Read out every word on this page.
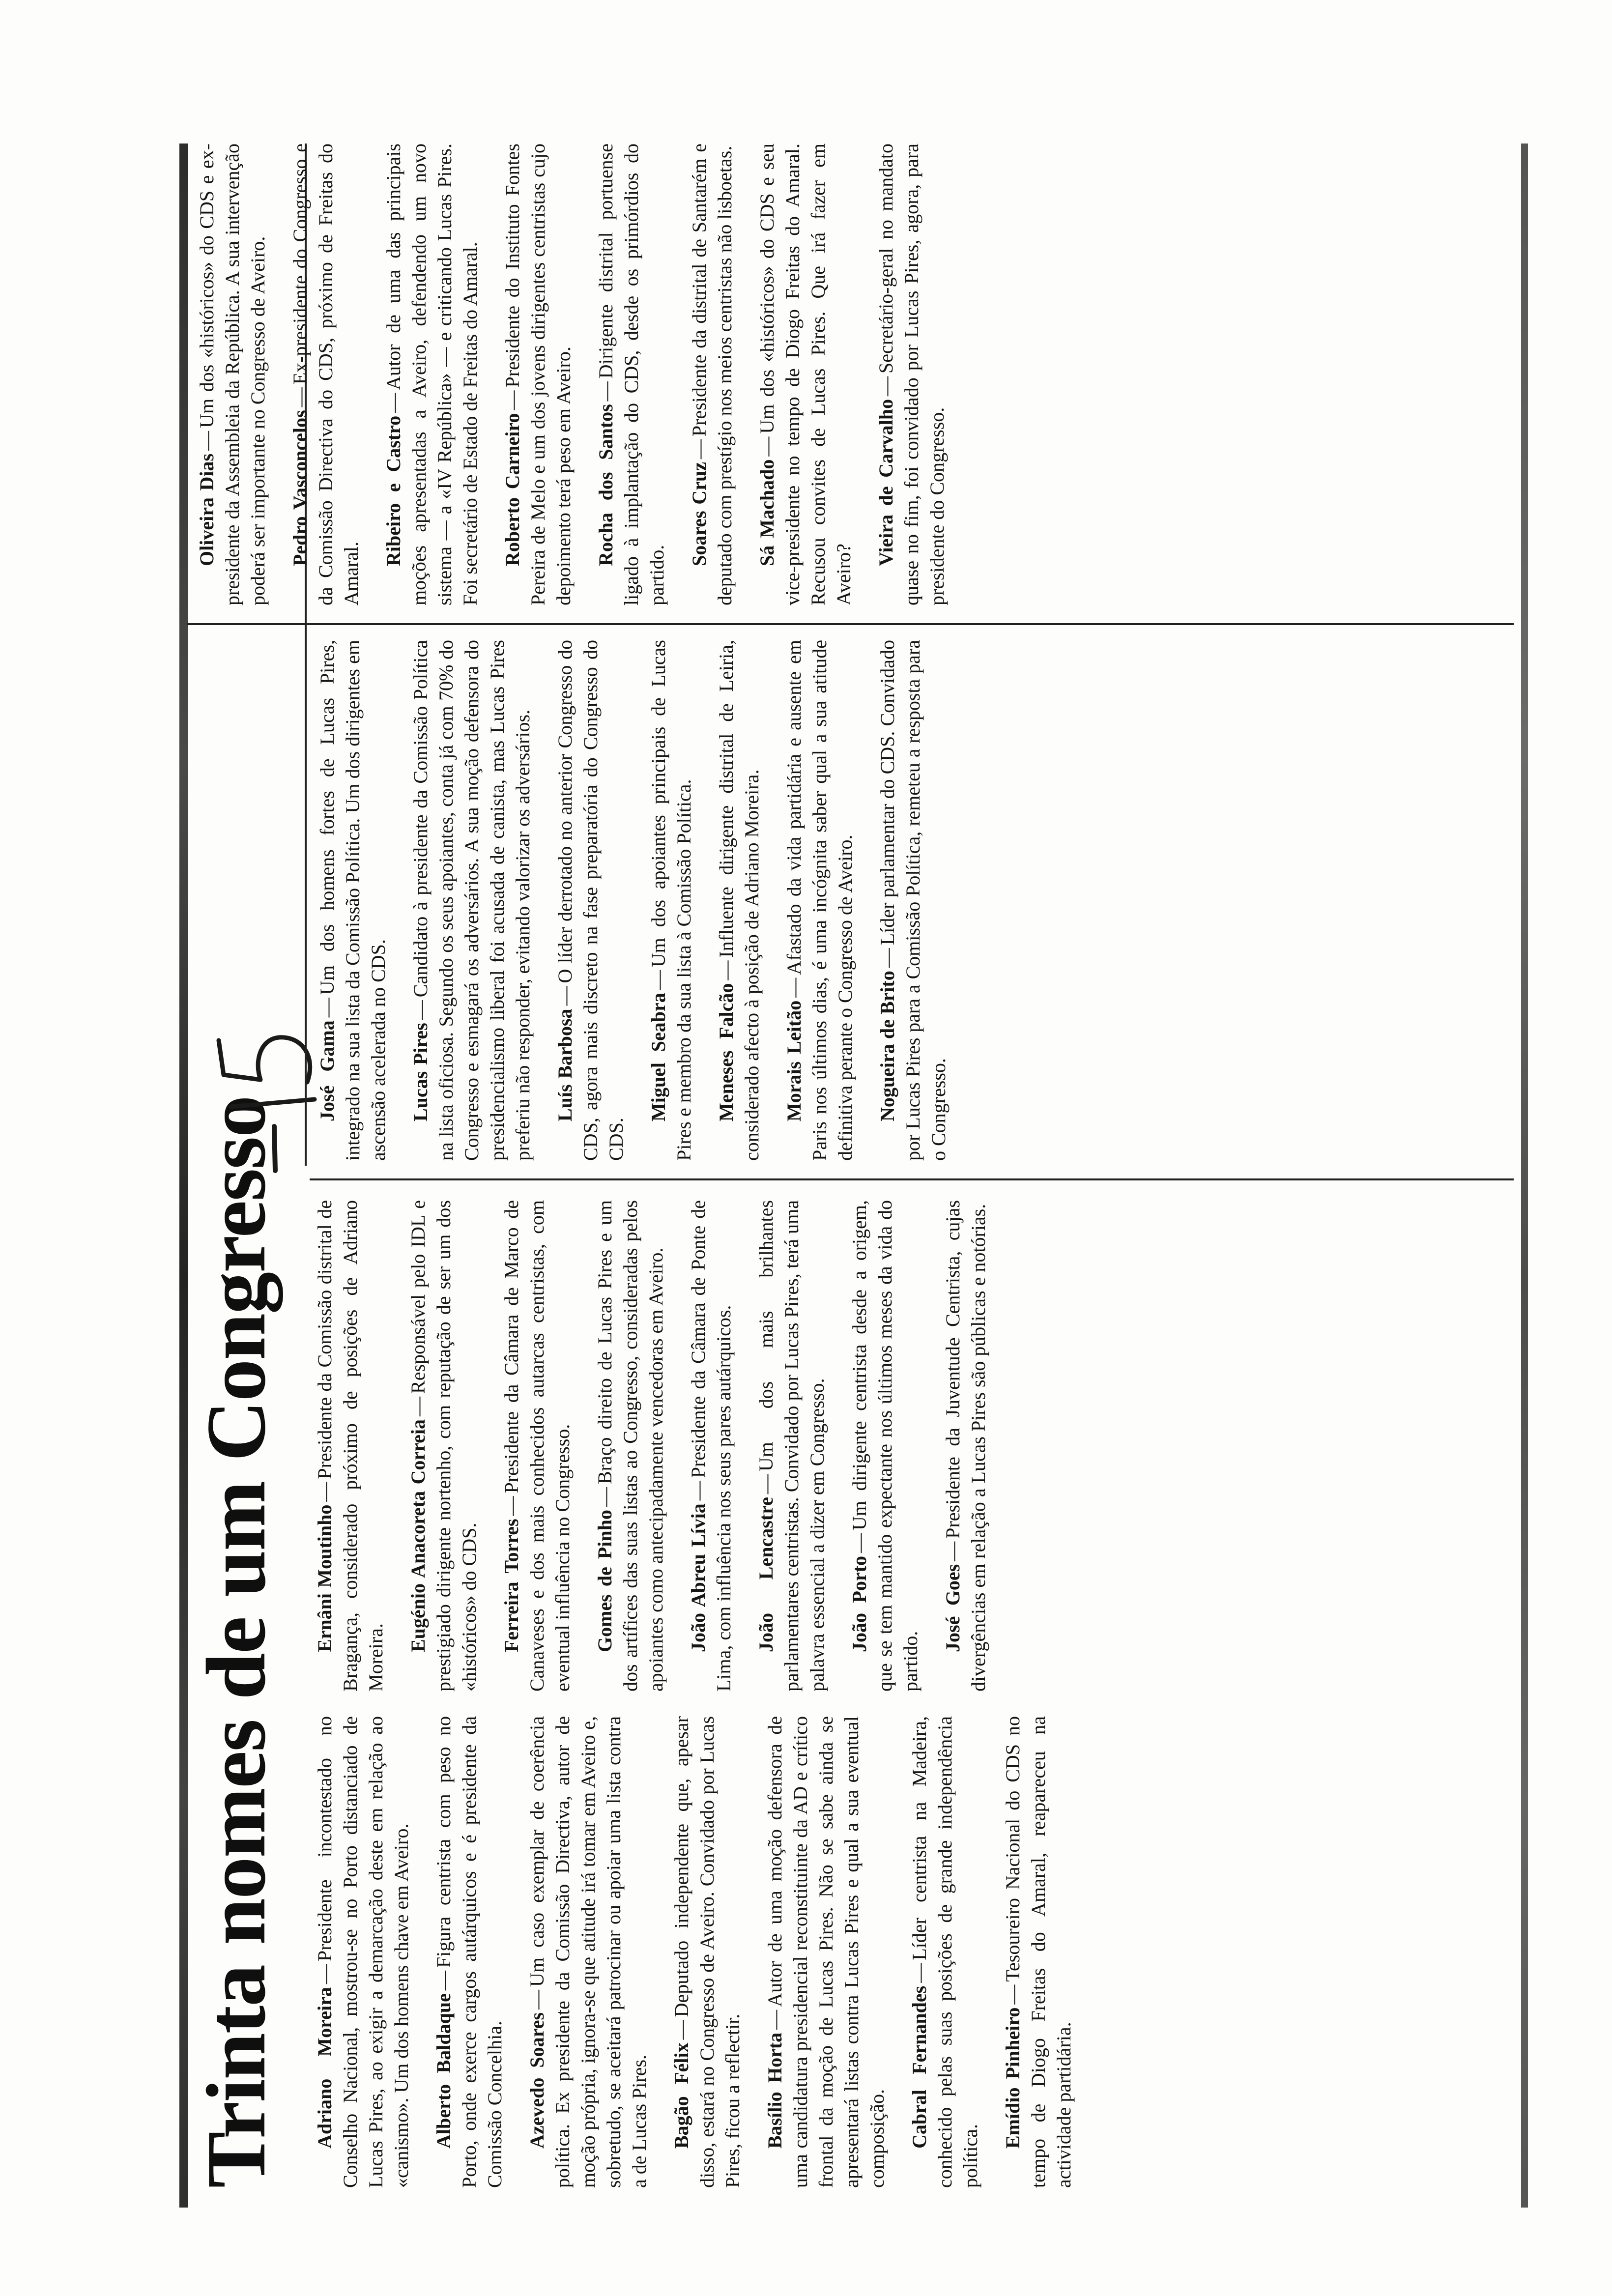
Trinta nomes de um Congresso Adriano Moreira—Presidente incontestado no Conselho Nacional, mostrou-se no Porto distanciado de Lucas Pires, ao exigir a demarcação deste em relação ao «canismo». Um dos homens chave em Aveiro. Alberto Baldaque—Figura centrista com peso no Porto, onde exerce cargos autárquicos e é presidente da Comissão Concelhia. Azevedo Soares—Um caso exemplar de coerência política. Ex presidente da Comissão Directiva, autor de moção própria, ignora-se que atitude irá tomar em Aveiro e, sobretudo, se aceitará patrocinar ou apoiar uma lista contra a de Lucas Pires. Bagão Félix—Deputado independente que, apesar disso, estará no Congresso de Aveiro. Convidado por Lucas Pires, ficou a reflectir. Basílio Horta—Autor de uma moção defensora de uma candidatura presidencial reconstituinte da AD e crítico frontal da moção de Lucas Pires. Não se sabe ainda se apresentará listas contra Lucas Pires e qual a sua eventual composição. Cabral Fernandes—Líder centrista na Madeira, conhecido pelas suas posições de grande independência política.

Emídio Pinheiro—Tesoureiro Nacional do CDS no tempo de Diogo Freitas do Amaral, reapareceu na actividade partidária.

Ernâni Moutinho—Presidente da Comissão distrital de Bragança, considerado próximo de posições de Adriano Moreira.

Eugénio Anacoreta Correia—Responsável pelo IDL e prestigiado dirigente nortenho, com reputação de ser um dos «históricos» do CDS. Ferreira Torres—Presidente da Câmara de Marco de Canaveses e dos mais conhecidos autarcas centristas, com eventual influência no Congresso. Gomes de Pinho—Braço direito de Lucas Pires e um dos artífices das suas listas ao Congresso, consideradas pelos apoiantes como antecipadamente vencedoras em Aveiro. João Abreu Lívia—Presidente da Câmara de Ponte de Lima, com influência nos seus pares autárquicos. João Lencastre—Um dos mais brilhantes parlamentares centristas. Convidado por Lucas Pires, terá uma palavra essencial a dizer em Congresso. João Porto—Um dirigente centrista desde a origem, que se tem mantido expectante nos últimos meses da vida do partido.

José Goes—Presidente da Juventude Centrista, cujas divergências em relação a Lucas Pires são públicas e notórias.

José Gama—Um dos homens fortes de Lucas Pires, integrado na sua lista da Comissão Política. Um dos dirigentes em ascensão acelerada no CDS. Lucas Pires—Candidato à presidente da Comissão Política na lista oficiosa. Segundo os seus apoiantes, conta já com 70% do Congresso e esmagará os adversários. A sua moção defensora do presidencialismo liberal foi acusada de canista, mas Lucas Pires preferiu não responder, evitando valorizar os adversários. Luís Barbosa—O líder derrotado no anterior Congresso do CDS, agora mais discreto na fase preparatória do Congresso do CDS.

Miguel Seabra—Um dos apoiantes principais de Lucas Pires e membro da sua lista à Comissão Política. Meneses Falcão—Influente dirigente distrital de Leiria, considerado afecto à posição de Adriano Moreira. Morais Leitão—Afastado da vida partidária e ausente em Paris nos últimos dias, é uma incógnita saber qual a sua atitude definitiva perante o Congresso de Aveiro. Nogueira de Brito—Líder parlamentar do CDS. Convidado por Lucas Pires para a Comissão Política, remeteu a resposta para o Congresso.

Oliveira Dias—Um dos «históricos» do CDS e ex-presidente da Assembleia da República. A sua intervenção poderá ser importante no Congresso de Aveiro. Pedro Vasconcelos—Ex-presidente do Congresso e da Comissão Directiva do CDS, próximo de Freitas do Amaral.

Ribeiro e Castro—Autor de uma das principais moções apresentadas a Aveiro, defendendo um novo sistema — a «IV República» — e criticando Lucas Pires. Foi secretário de Estado de Freitas do Amaral. Roberto Carneiro—Presidente do Instituto Fontes Pereira de Melo e um dos jovens dirigentes centristas cujo depoimento terá peso em Aveiro. Rocha dos Santos—Dirigente distrital portuense ligado à implantação do CDS, desde os primórdios do partido.

Soares Cruz—Presidente da distrital de Santarém e deputado com prestígio nos meios centristas não lisboetas. Sá Machado—Um dos «históricos» do CDS e seu vice-presidente no tempo de Diogo Freitas do Amaral. Recusou convites de Lucas Pires. Que irá fazer em Aveiro?

Vieira de Carvalho—Secretário-geral no mandato quase no fim, foi convidado por Lucas Pires, agora, para presidente do Congresso.
